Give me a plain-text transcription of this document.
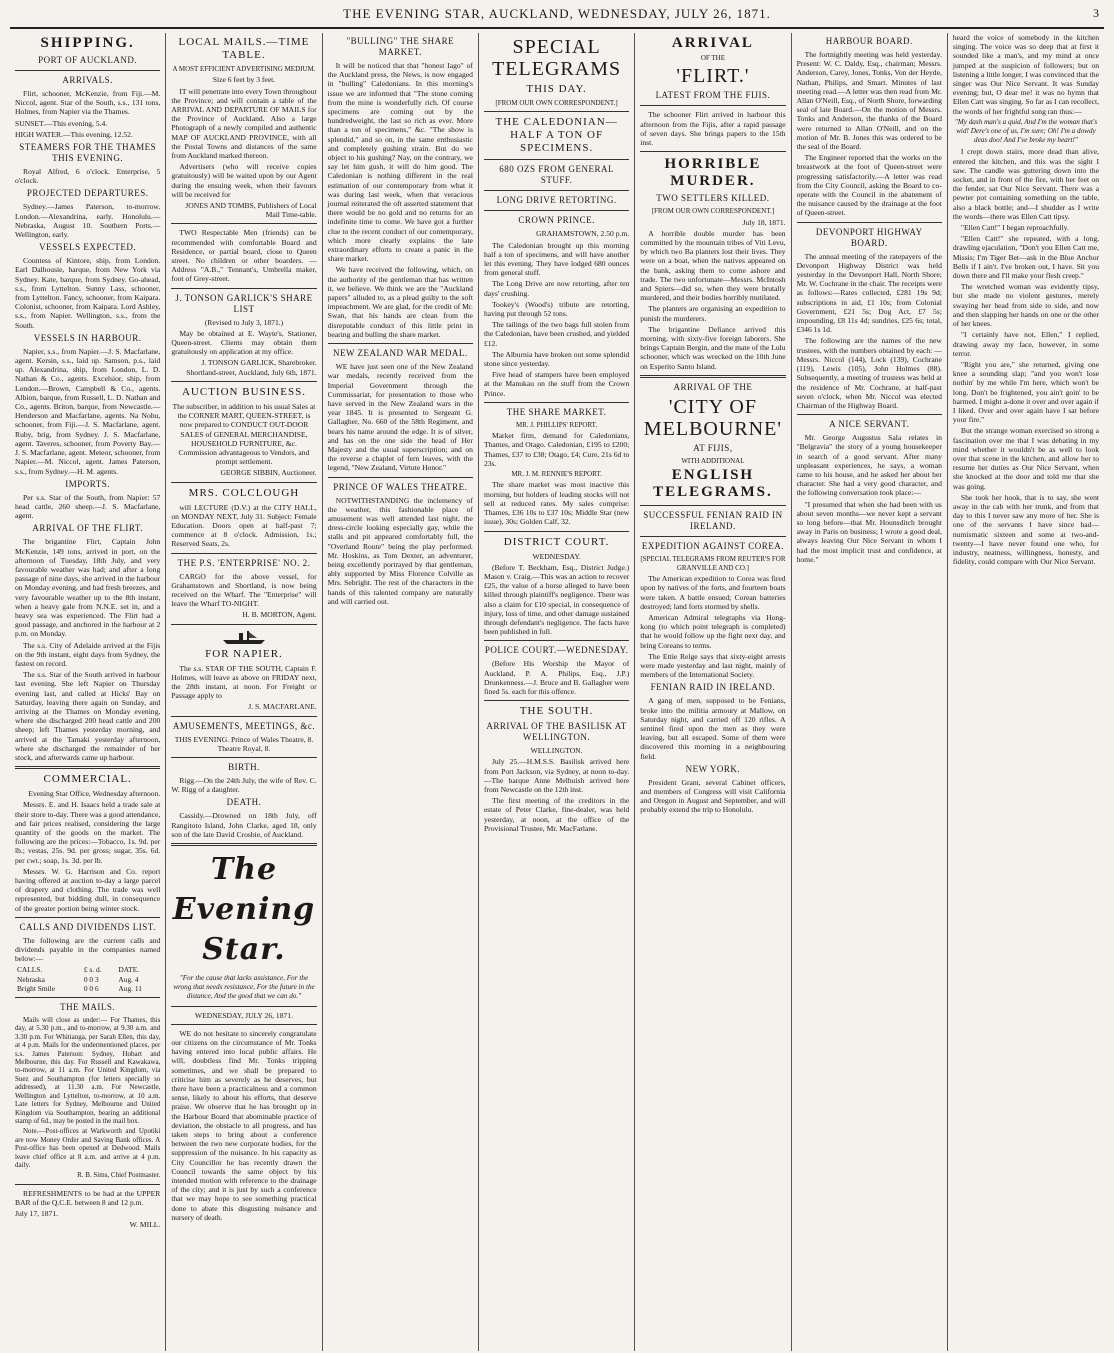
THE EVENING STAR, AUCKLAND, WEDNESDAY, JULY 26, 1871.	3
SHIPPING.
PORT OF AUCKLAND.
ARRIVALS.

Flirt, schooner, McKenzie, from Fiji.—M. Niccol, agent. Star of the South, s.s., 131 tons, Holmes, from Napier via the Thames.

SUNSET.—This evening, 5.4.

HIGH WATER.—This evening, 12.52.

STEAMERS FOR THE THAMES THIS EVENING.

Royal Alfred, 6 o'clock. Enterprise, 5 o'clock.

PROJECTED DEPARTURES.

Sydney.—James Paterson, to-morrow. London.—Alexandrina, early. Honolulu.—Nebraska, August 10. Southern Ports.—Wellington, early.

VESSELS EXPECTED.

Countess of Kintore, ship, from London. Earl Dalhousie, barque, from New York via Sydney. Kate, barque, from Sydney. Go-ahead, s.s., from Lyttelton. Sunny Lass, schooner, from Lyttelton. Fancy, schooner, from Kaipara. Colonist, schooner, from Kaipara. Lord Ashley, s.s., from Napier. Wellington, s.s., from the South.

VESSELS IN HARBOUR.

Napier, s.s., from Napier.—J. S. Macfarlane, agent. Kersin, s.s., laid up. Samson, p.s., laid up. Alexandrina, ship, from London, L. D. Nathan & Co., agents. Excelsior, ship, from London.—Brown, Campbell & Co., agents. Albion, barque, from Russell, L. D. Nathan and Co., agents. Briton, barque, from Newcastle.—Henderson and Macfarlane, agents. Na Nohu, schooner, from Fiji.—J. S. Macfarlane, agent. Ruby, brig, from Sydney. J. S. Macfarlane, agent. Taveres, schooner, from Poverty Bay.—J. S. Macfarlane, agent. Meteor, schooner, from Napier.—M. Niccol, agent. James Paterson, s.s., from Sydney.—H. M. agents.

IMPORTS.

Per s.s. Star of the South, from Napier: 57 head cattle, 260 sheep.—J. S. Macfarlane, agent.

ARRIVAL OF THE FLIRT.

The brigantine Flirt, Captain John McKenzie, 149 tons, arrived in port, on the afternoon of Tuesday, 18th July, and very favourable weather was had; and after a long passage of nine days, she arrived in the harbour on Monday evening, and had fresh breezes, and very favourable weather up to the 8th instant, when a heavy gale from N.N.E. set in, and a heavy sea was experienced. The Flirt had a good passage, and anchored in the harbour at 2 p.m. on Monday.

The s.s. City of Adelaide arrived at the Fijis on the 9th instant, eight days from Sydney, the fastest on record.

The s.s. Star of the South arrived in harbour last evening. She left Napier on Thursday evening last, and called at Hicks' Bay on Saturday, leaving there again on Sunday, and arriving at the Thames on Monday evening, where she discharged 200 head cattle and 200 sheep; left Thames yesterday morning, and arrived at the Tamaki yesterday afternoon, where she discharged the remainder of her stock, and afterwards came up harbour.

COMMERCIAL.

Evening Star Office, Wednesday afternoon.

Messrs. E. and H. Isaacs held a trade sale at their store to-day. There was a good attendance, and fair prices realised, considering the large quantity of the goods on the market. The following are the prices:—Tobacco, 1s. 9d. per lb.; vestas, 25s. 9d. per gross; sugar, 35s. 6d. per cwt.; soap, 1s. 3d. per lb.

Messrs. W. G. Harrison and Co. report having offered at auction to-day a large parcel of drapery and clothing. The trade was well represented, but bidding dull, in consequence of the greater portion being winter stock.

CALLS AND DIVIDENDS LIST.

The following are the current calls and dividends payable in the companies named below:—

CALLS.	£ s. d.	DATE.
Nebraska	0 0 3	Aug. 4
Bright Smile	0 0 6	Aug. 11
THE MAILS.

Mails will close as under:— For Thames, this day, at 5.30 p.m., and to-morrow, at 9.30 a.m. and 3.30 p.m. For Whitianga, per Sarah Ellen, this day, at 4 p.m. Mails for the undermentioned places, per s.s. James Paterson: Sydney, Hobart and Melbourne, this day. For Russell and Kawakawa, to-morrow, at 11 a.m. For United Kingdom, via Suez and Southampton (for letters specially so addressed), at 11.30 a.m. For Newcastle, Wellington and Lyttelton, to-morrow, at 10 a.m. Late letters for Sydney, Melbourne and United Kingdom via Southampton, bearing an additional stamp of 6d., may be posted in the mail box.

Note.—Post-offices at Warkworth and Upotiki are now Money Order and Saving Bank offices. A Post-office has been opened at Dedwood. Mails leave chief office at 8 a.m. and arrive at 4 p.m. daily.

R. B. Sims, Chief Postmaster.

REFRESHMENTS to be had at the UPPER BAR of the Q.C.E. between 8 and 12 p.m.

July 17, 1871.

W. MILL.

LOCAL MAILS.—TIME TABLE.

A MOST EFFICIENT ADVERTISING MEDIUM.

Size 6 feet by 3 feet.

IT will penetrate into every Town throughout the Province; and will contain a table of the ARRIVAL AND DEPARTURE OF MAILS for the Province of Auckland. Also a large Photograph of a newly compiled and authentic MAP OF AUCKLAND PROVINCE, with all the Postal Towns and distances of the same from Auckland marked thereon.

Advertisers (who will receive copies gratuitously) will be waited upon by our Agent during the ensuing week, when their favours will be received for

JONES AND TOMBS, Publishers of Local Mail Time-table.

TWO Respectable Men (friends) can be recommended with comfortable Board and Residence, or partial board, close to Queen street. No children or other boarders. —Address "A.B.," Tennant's, Umbrella maker, foot of Grey-street.

J. TONSON GARLICK'S SHARE LIST

(Revised to July 3, 1871.)

May be obtained at E. Wayte's, Stationer, Queen-street. Clients may obtain them gratuitously on application at my office.

J. TONSON GARLICK, Sharebroker. Shortland-street, Auckland, July 6th, 1871.

AUCTION BUSINESS.

The subscriber, in addition to his usual Sales at the CORNER MART, QUEEN-STREET, is now prepared to CONDUCT OUT-DOOR SALES of GENERAL MERCHANDISE, HOUSEHOLD FURNITURE, &c. Commission advantageous to Vendors, and prompt settlement.

GEORGE SIBBIN, Auctioneer.

MRS. COLCLOUGH

will LECTURE (D.V.) at the CITY HALL, on MONDAY NEXT, July 31. Subject: Female Education. Doors open at half-past 7; commence at 8 o'clock. Admission, 1s.; Reserved Seats, 2s.

THE P.S. 'ENTERPRISE' NO. 2.

CARGO for the above vessel, for Grahamstown and Shortland, is now being received on the Wharf. The "Enterprise" will leave the Wharf TO-NIGHT.

H. B. MORTON, Agent.

FOR NAPIER.

The s.s. STAR OF THE SOUTH, Captain F. Holmes, will leave as above on FRIDAY next, the 28th instant, at noon. For Freight or Passage apply to

J. S. MACFARLANE.

AMUSEMENTS, MEETINGS, &c.

THIS EVENING. Prince of Wales Theatre, 8. Theatre Royal, 8.

BIRTH.

Rigg.—On the 24th July, the wife of Rev. C. W. Rigg of a daughter.

DEATH.

Cassidy.—Drowned on 18th July, off Rangitoto Island, John Clarke, aged 18, only son of the late David Crosbie, of Auckland.

The Evening Star.

"For the cause that lacks assistance, For the wrong that needs resistance, For the future in the distance, And the good that we can do."

WEDNESDAY, JULY 26, 1871.

WE do not hesitate to sincerely congratulate our citizens on the circumstance of Mr. Tonks having entered into local public affairs. He will, doubtless find Mr. Tonks tripping sometimes, and we shall be prepared to criticise him as severely as he deserves, but there have been a practicalness and a common sense, likely to about his efforts, that deserve praise. We observe that he has brought up in the Harbour Board that abominable practice of deviation, the obstacle to all progress, and has taken steps to bring about a conference between the two new corporate bodies, for the suppression of the nuisance. In his capacity as City Councillor he has recently drawn the Council towards the same object by his intended motion with reference to the drainage of the city; and it is just by such a conference that we may hope to see something practical done to abate this disgusting nuisance and nursery of death.

"BULLING" THE SHARE MARKET.

It will be noticed that that "honest Iago" of the Auckland press, the News, is now engaged in "bulling" Caledonians. In this morning's issue we are informed that "The stone coming from the mine is wonderfully rich. Of course specimens are coming out by the hundredweight, the last so rich as ever. More than a ton of specimens," &c. "The show is splendid," and so on, in the same enthusiastic and completely gushing strain. But do we object to his gushing? Nay, on the contrary, we say let him gush, it will do him good. The Caledonian is nothing different in the real estimation of our contemporary from what it was during last week, when that veracious journal reiterated the oft asserted statement that there would be no gold and no returns for an indefinite time to come. We have got a further clue to the recent conduct of our contemporary, which more clearly explains the late extraordinary efforts to create a panic in the share market.

We have received the following, which, on the authority of the gentleman that has written it, we believe. We think we are the "Auckland papers" alluded to, as a plead guilty to the soft impeachment. We are glad, for the credit of Mr. Swan, that his hands are clean from the disreputable conduct of this little print in bearing and bulling the share market.

NEW ZEALAND WAR MEDAL.

WE have just seen one of the New Zealand war medals, recently received from the Imperial Government through the Commissariat, for presentation to those who have served in the New Zealand wars in the year 1845. It is presented to Sergeant G. Gallagher, No. 660 of the 58th Regiment, and bears his name around the edge. It is of silver, and has on the one side the head of Her Majesty and the usual superscription; and on the reverse a chaplet of fern leaves, with the legend, "New Zealand, Virtute Honor."

PRINCE OF WALES THEATRE.

NOTWITHSTANDING the inclemency of the weather, this fashionable place of amusement was well attended last night, the dress-circle looking especially gay, while the stalls and pit appeared comfortably full, the "Overland Route" being the play performed. Mr. Hoskins, as Tom Dexter, an adventurer, being excellently portrayed by that gentleman, ably supported by Miss Florence Colville as Mrs. Sebright. The rest of the characters in the hands of this talented company are naturally and will carried out.

SPECIAL TELEGRAMS
THIS DAY.

[FROM OUR OWN CORRESPONDENT.]

THE CALEDONIAN—HALF A TON OF SPECIMENS.
680 OZS FROM GENERAL STUFF.
LONG DRIVE RETORTING.
CROWN PRINCE.

GRAHAMSTOWN, 2.50 p.m.

The Caledonian brought up this morning half a ton of specimens, and will have another let this evening. They have lodged 680 ounces from general stuff.

The Long Drive are now retorting, after ten days' crushing.

Tookey's (Wood's) tribute are retorting, having put through 52 tons.

The tailings of the two bags full stolen from the Caledonian, have been crushed, and yielded £12.

The Alburnia have broken out some splendid stone since yesterday.

Five head of stampers have been employed at the Manukau on the stuff from the Crown Prince.

THE SHARE MARKET.

MR. J. PHILLIPS' REPORT.

Market firm, demand for Caledonians, Thames, and Otago. Caledonian, £195 to £200; Thames, £37 to £38; Otago, £4; Cure, 21s 6d to 23s.

MR. J. M. RENNIE'S REPORT.

The share market was most inactive this morning, but holders of leading stocks will not sell at reduced rates. My sales comprise: Thames, £36 10s to £37 10s; Middle Star (new issue), 30s; Golden Calf, 32.

DISTRICT COURT.

WEDNESDAY.

(Before T. Beckham, Esq., District Judge.) Mason v. Craig.—This was an action to recover £25, the value of a horse alleged to have been killed through plaintiff's negligence. There was also a claim for £10 special, in consequence of injury, loss of time, and other damage sustained through defendant's negligence. The facts have been published in full.

POLICE COURT.—WEDNESDAY.

(Before His Worship the Mayor of Auckland, P. A. Philips, Esq., J.P.) Drunkenness.—J. Bruce and B. Gallagher were fined 5s. each for this offence.

THE SOUTH.
ARRIVAL OF THE BASILISK AT WELLINGTON.

WELLINGTON.

July 25.—H.M.S.S. Basilisk arrived here from Port Jackson, via Sydney, at noon to-day.—The barque Anne Melhuish arrived here from Newcastle on the 12th inst.

The first meeting of the creditors in the estate of Peter Clarke, fine-dealer, was held yesterday, at noon, at the office of the Provisional Trustee, Mr. MacFarlane.

ARRIVAL

OF THE

'FLIRT.'
LATEST FROM THE FIJIS.

The schooner Flirt arrived in harbour this afternoon from the Fijis, after a rapid passage of seven days. She brings papers to the 15th inst.

HORRIBLE MURDER.
TWO SETTLERS KILLED.

[FROM OUR OWN CORRESPONDENT.]

July 18, 1871.

A horrible double murder has been committed by the mountain tribes of Viti Levu, by which two Ba planters lost their lives. They were on a boat, when the natives appeared on the bank, asking them to come ashore and trade. The two unfortunate—Messrs. McIntosh and Spiers—did so, when they were brutally murdered, and their bodies horribly mutilated.

The planters are organising an expedition to punish the murderers.

The brigantine Defiance arrived this morning, with sixty-five foreign laborers. She brings Captain Bergin, and the mate of the Lulu schooner, which was wrecked on the 10th June on Esperito Santo Island.

ARRIVAL OF THE
'CITY OF MELBOURNE'
AT FIJIS,

WITH ADDITIONAL

ENGLISH TELEGRAMS.
SUCCESSFUL FENIAN RAID IN IRELAND.
EXPEDITION AGAINST COREA.

[SPECIAL TELEGRAMS FROM REUTER'S FOR GRANVILLE AND CO.]

The American expedition to Corea was fired upon by natives of the forts, and fourteen boats were taken. A battle ensued; Corean batteries destroyed; land forts stormed by shells.

American Admiral telegraphs via Hong-kong (to which point telegraph is completed) that he would follow up the fight next day, and bring Coreans to terms.

The Ettie Relge says that sixty-eight arrests were made yesterday and last night, mainly of members of the International Society.

FENIAN RAID IN IRELAND.

A gang of men, supposed to be Fenians, broke into the militia armoury at Mallow, on Saturday night, and carried off 120 rifles. A sentinel fired upon the men as they were leaving, but all escaped. Some of them were discovered this morning in a neighbouring field.

NEW YORK.

President Grant, several Cabinet officers, and members of Congress will visit California and Oregon in August and September, and will probably extend the trip to Honolulu.

HARBOUR BOARD.

The fortnightly meeting was held yesterday. Present: W. C. Daldy, Esq., chairman; Messrs. Anderson, Carey, Jones, Tonks, Von der Heyde, Nathan, Philips, and Smart. Minutes of last meeting read.—A letter was then read from Mr. Allan O'Neill, Esq., of North Shore, forwarding seal of late Board.—On the motion of Messrs. Tonks and Anderson, the thanks of the Board were returned to Allan O'Neill, and on the motion of Mr. B. Jones this was ordered to be the seal of the Board.

The Engineer reported that the works on the breastwork at the foot of Queen-street were progressing satisfactorily.—A letter was read from the City Council, asking the Board to co-operate with the Council in the abatement of the nuisance caused by the drainage at the foot of Queen-street.

DEVONPORT HIGHWAY BOARD.

The annual meeting of the ratepayers of the Devonport Highway District was held yesterday in the Devonport Hall, North Shore; Mr. W. Cochrane in the chair. The receipts were as follows:—Rates collected, £281 19s 9d; subscriptions in aid, £1 10s; from Colonial Government, £21 5s; Dog Act, £7 5s; impounding, £8 11s 4d; sundries, £25 6s; total, £346 1s 1d.

The following are the names of the new trustees, with the numbers obtained by each: —Messrs. Niccol (144), Lock (139), Cochrane (119), Lewis (105), John Holmes (88). Subsequently, a meeting of trustees was held at the residence of Mr. Cochrane, at half-past seven o'clock, when Mr. Niccol was elected Chairman of the Highway Board.

A NICE SERVANT.

Mr. George Augustus Sala relates in "Belgravia" the story of a young housekeeper in search of a good servant. After many unpleasant experiences, he says, a woman came to his house, and he asked her about her character. She had a very good character, and the following conversation took place:—

"I presumed that when she had been with us about seven months—we never kept a servant so long before—that Mr. Hounsditch brought away in Paris on business; I wrote a good deal, always leaving Our Nice Servant in whom I had the most implicit trust and confidence, at home."

heard the voice of somebody in the kitchen singing. The voice was so deep that at first it sounded like a man's, and my mind at once jumped at the suspicion of followers; but on listening a little longer, I was convinced that the singer was Our Nice Servant. It was Sunday evening; but, O dear me! it was no hymn that Ellen Catt was singing. So far as I can recollect, the words of her frightful song ran thus:—

"My dash man's a quid, And I'm the woman that's wid! Dere's one of us, I'm sure; Oh! I'm a dowdy deas doo! And I've broke my heart!"

I crept down stairs, more dead than alive, entered the kitchen, and this was the sight I saw. The candle was guttering down into the socket, and in front of the fire, with her feet on the fender, sat Our Nice Servant. There was a pewter pot containing something on the table, also a black bottle; and—I shudder as I write the words—there was Ellen Catt tipsy.

"Ellen Catt!" I began reproachfully.

"Ellen Catt!" she repeated, with a long, drawling ejaculation, "Don't you Ellen Catt me, Missis; I'm Tiger Bet—ask in the Blue Anchor Bells if I ain't. I've broken out, I have. Sit you down there and I'll make your flesh creep."

The wretched woman was evidently tipsy, but she made no violent gestures, merely swaying her head from side to side, and now and then slapping her hands on one or the other of her knees.

"I certainly have not, Ellen," I replied, drawing away my face, however, in some terror.

"Right you are," she returned, giving one knee a sounding slap; "and you won't lose nothin' by me while I'm here, which won't be long. Don't be frightened, you ain't goin' to be harmed. I might a-done it over and over again if I liked. Over and over again have I sat before your fire."

But the strange woman exercised so strong a fascination over me that I was debating in my mind whether it wouldn't be as well to look over that scene in the kitchen, and allow her to resume her duties as Our Nice Servant, when she knocked at the door and told me that she was going.

She took her hook, that is to say, she went away in the cab with her trunk, and from that day to this I never saw any more of her. She is one of the servants I have since had—numismatic sixteen and some at two-and-twenty—I have never found one who, for industry, neatness, willingness, honesty, and fidelity, could compare with Our Nice Servant.
